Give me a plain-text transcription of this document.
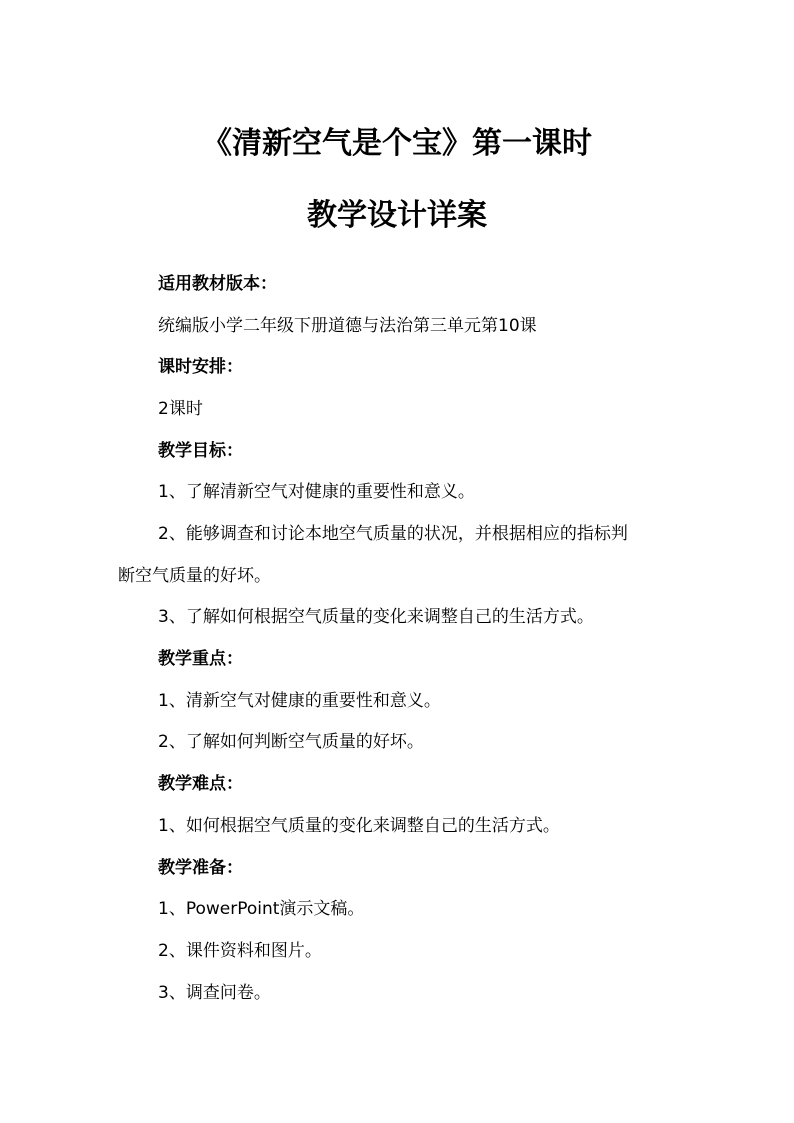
《清新空气是个宝》第一课时
教学设计详案
适用教材版本：
统编版小学二年级下册道德与法治第三单元第10课
课时安排：
2课时
教学目标：
1、了解清新空气对健康的重要性和意义。
2、能够调查和讨论本地空气质量的状况，并根据相应的指标判
断空气质量的好坏。
3、了解如何根据空气质量的变化来调整自己的生活方式。
教学重点：
1、清新空气对健康的重要性和意义。
2、了解如何判断空气质量的好坏。
教学难点：
1、如何根据空气质量的变化来调整自己的生活方式。
教学准备：
1、PowerPoint演示文稿。
2、课件资料和图片。
3、调查问卷。
